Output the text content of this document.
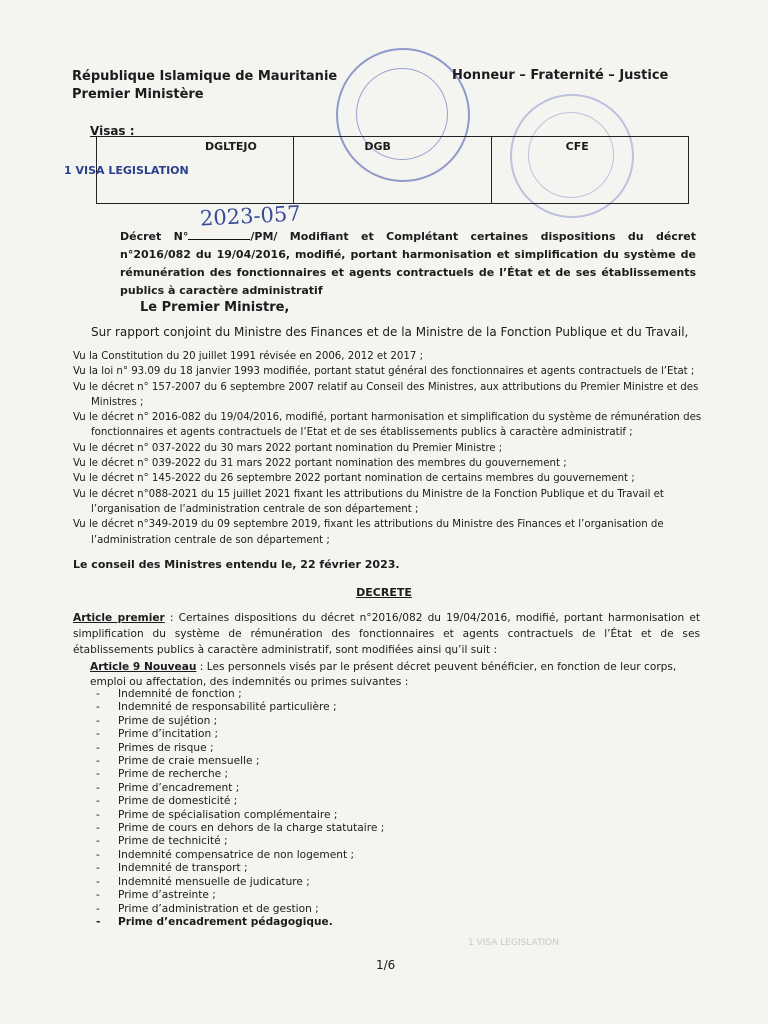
République Islamique de Mauritanie
Premier Ministère
Honneur – Fraternité – Justice
Visas :
DGLTEJO	DGB	CFE
1 VISA LEGISLATION
2023-057
Décret N°	/PM/ Modifiant et Complétant certaines dispositions du décret n°2016/082 du 19/04/2016, modifié, portant harmonisation et simplification du système de rémunération des fonctionnaires et agents contractuels de l’État et de ses établissements publics à caractère administratif
Le Premier Ministre,
Sur rapport conjoint du Ministre des Finances et de la Ministre de la Fonction Publique et du Travail,
Vu la Constitution du 20 juillet 1991 révisée en 2006, 2012 et 2017 ;
Vu la loi n° 93.09 du 18 janvier 1993 modifiée, portant statut général des fonctionnaires et agents contractuels de l’Etat ;
Vu le décret n° 157-2007 du 6 septembre 2007 relatif au Conseil des Ministres, aux attributions du Premier Ministre et des Ministres ;
Vu le décret n° 2016-082 du 19/04/2016, modifié, portant harmonisation et simplification du système de rémunération des fonctionnaires et agents contractuels de l’Etat et de ses établissements publics à caractère administratif ;
Vu le décret n° 037-2022 du 30 mars 2022 portant nomination du Premier Ministre ;
Vu le décret n° 039-2022 du 31 mars 2022 portant nomination des membres du gouvernement ;
Vu le décret n° 145-2022 du 26 septembre 2022 portant nomination de certains membres du gouvernement ;
Vu le décret n°088-2021 du 15 juillet 2021 fixant les attributions du Ministre de la Fonction Publique et du Travail et l’organisation de l’administration centrale de son département ;
Vu le décret n°349-2019 du 09 septembre 2019, fixant les attributions du Ministre des Finances et l’organisation de l’administration centrale de son département ;
Le conseil des Ministres entendu le, 22 février 2023.
DECRETE
Article premier : Certaines dispositions du décret n°2016/082 du 19/04/2016, modifié, portant harmonisation et simplification du système de rémunération des fonctionnaires et agents contractuels de l’État et de ses établissements publics à caractère administratif, sont modifiées ainsi qu’il suit :
Article 9 Nouveau : Les personnels visés par le présent décret peuvent bénéficier, en fonction de leur corps, emploi ou affectation, des indemnités ou primes suivantes :
- Indemnité de fonction ;
- Indemnité de responsabilité particulière ;
- Prime de sujétion ;
- Prime d’incitation ;
- Primes de risque ;
- Prime de craie mensuelle ;
- Prime de recherche ;
- Prime d’encadrement ;
- Prime de domesticité ;
- Prime de spécialisation complémentaire ;
- Prime de cours en dehors de la charge statutaire ;
- Prime de technicité ;
- Indemnité compensatrice de non logement ;
- Indemnité de transport ;
- Indemnité mensuelle de judicature ;
- Prime d’astreinte ;
- Prime d’administration et de gestion ;
- Prime d’encadrement pédagogique.
1 VISA LEGISLATION
1/6
